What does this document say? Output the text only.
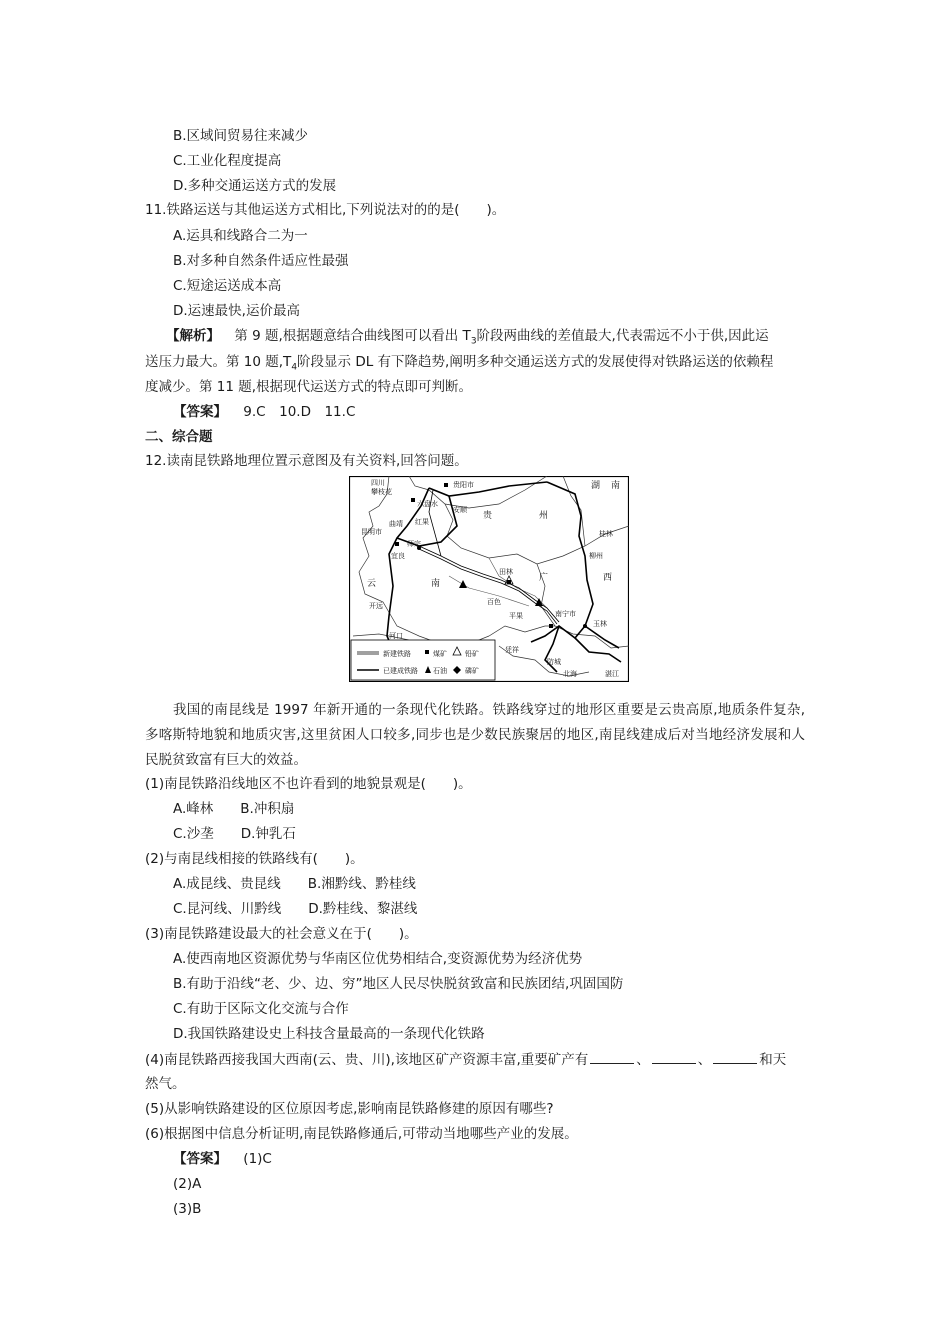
B.区域间贸易往来减少
C.工业化程度提高
D.多种交通运送方式的发展
11.铁路运送与其他运送方式相比,下列说法对的的是(　　)。
A.运具和线路合二为一
B.对多种自然条件适应性最强
C.短途运送成本高
D.运速最快,运价最高
【解析】 第 9 题,根据题意结合曲线图可以看出 $T_3$阶段两曲线的差值最大,代表需远不小于供,因此运
送压力最大。第 10 题$,T_4$阶段显示 DL 有下降趋势,阐明多种交通运送方式的发展使得对铁路运送的依赖程
度减少。第 11 题,根据现代运送方式的特点即可判断。
【答案】 9.C　10.D　11.C
二、综合题
12.读南昆铁路地理位置示意图及有关资料,回答问题。
四川
攀枝花
六盘水
贵阳市
红果
安顺
贵	州
湖 南
昆明市
宜良
曲靖
柳州
桂林
师宗
云	南
开远
田林
百色
广
平果
西
南宁市
玉林
河口
凭祥
防城
北海	湛江
新建铁路
已建成铁路
煤矿	铅矿
石油	磷矿
我国的南昆线是 1997 年新开通的一条现代化铁路。铁路线穿过的地形区重要是云贵高原,地质条件复杂,多喀斯特地貌和地质灾害,这里贫困人口较多,同步也是少数民族聚居的地区,南昆线建成后对当地经济发展和人民脱贫致富有巨大的效益。
(1)南昆铁路沿线地区不也许看到的地貌景观是(　　)。
A.峰林　　B.冲积扇
C.沙垄　　D.钟乳石
(2)与南昆线相接的铁路线有(　　)。
A.成昆线、贵昆线　　B.湘黔线、黔桂线
C.昆河线、川黔线　　D.黔桂线、黎湛线
(3)南昆铁路建设最大的社会意义在于(　　)。
A.使西南地区资源优势与华南区位优势相结合,变资源优势为经济优势
B.有助于沿线“老、少、边、穷”地区人民尽快脱贫致富和民族团结,巩固国防
C.有助于区际文化交流与合作
D.我国铁路建设史上科技含量最高的一条现代化铁路
(4)南昆铁路西接我国大西南(云、贵、川),该地区矿产资源丰富,重要矿产有	、	、	和天
然气。
(5)从影响铁路建设的区位原因考虑,影响南昆铁路修建的原因有哪些?
(6)根据图中信息分析证明,南昆铁路修通后,可带动当地哪些产业的发展。
【答案】 (1)C
(2)A
(3)B
